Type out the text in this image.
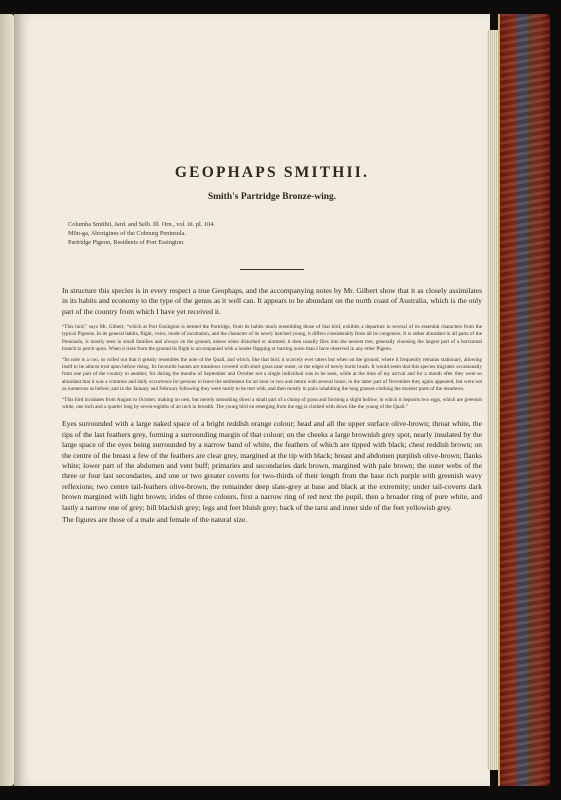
GEOPHAPS SMITHII.
Smith's Partridge Bronze-wing.

Columba Smithii, Jard. and Selb. Ill. Orn., vol. iii. pl. 104.

Mŏn-ga, Aborigines of the Cobourg Peninsula.

Partridge Pigeon, Residents of Port Essington.

In structure this species is in every respect a true Geophaps, and the accompanying notes by Mr. Gilbert show that it as closely assimilates in its habits and economy to the type of the genus as it well can. It appears to be abundant on the north coast of Australia, which is the only part of the country from which I have yet received it.

“This bird,” says Mr. Gilbert, “which at Port Essington is termed the Partridge, from its habits much resembling those of that bird, exhibits a departure in several of its essential characters from the typical Pigeons. In its general habits, flight, voice, mode of incubation, and the character of its newly hatched young, it differs considerably from all its congeners. It is rather abundant in all parts of the Peninsula, is mostly seen in small families and always on the ground, unless when disturbed or alarmed; it then usually flies into the nearest tree, generally choosing the largest part of a horizontal branch to perch upon. When it rises from the ground its flight is accompanied with a louder flapping or burring noise than I have observed in any other Pigeon.

“Its note is a coo, so rolled out that it greatly resembles the note of the Quail, and which, like that bird, it scarcely ever utters but when on the ground, where it frequently remains stationary, allowing itself to be almost trod upon before rising. Its favourite haunts are meadows covered with short grass near water, or the edges of newly burnt brush. It would seem that this species migrates occasionally from one part of the country to another; for during the months of September and October not a single individual was to be seen, while at the time of my arrival and for a month after they were so abundant that it was a common and daily occurrence for persons to leave the settlement for an hour or two and return with several brace; in the latter part of November they again appeared, but were not so numerous as before; and in the January and February following they were rarely to be met with, and then mostly in pairs inhabiting the long grasses clothing the moister parts of the meadows.

“This bird incubates from August to October, making no nest, but merely smoothing down a small part of a clump of grass and forming a slight hollow, in which it deposits two eggs, which are greenish white, one inch and a quarter long by seven-eighths of an inch in breadth. The young bird on emerging from the egg is clothed with down like the young of the Quail.”

Eyes surrounded with a large naked space of a bright reddish orange colour; head and all the upper surface olive-brown; throat white, the tips of the last feathers grey, forming a surrounding margin of that colour; on the cheeks a large brownish grey spot, nearly insulated by the large space of the eyes being surrounded by a narrow band of white, the feathers of which are tipped with black; chest reddish brown; on the centre of the breast a few of the feathers are clear grey, margined at the tip with black; breast and abdomen purplish olive-brown; flanks white; lower part of the abdomen and vent buff; primaries and secondaries dark brown, margined with pale brown; the outer webs of the three or four last secondaries, and one or two greater coverts for two-thirds of their length from the base rich purple with greenish wavy reflexions; two centre tail-feathers olive-brown, the remainder deep slate-grey at base and black at the extremity; under tail-coverts dark brown margined with light brown; irides of three colours, first a narrow ring of red next the pupil, then a broader ring of pure white, and lastly a narrow one of grey; bill blackish grey; legs and feet bluish grey; back of the tarsi and inner side of the feet yellowish grey.

The figures are those of a male and female of the natural size.
